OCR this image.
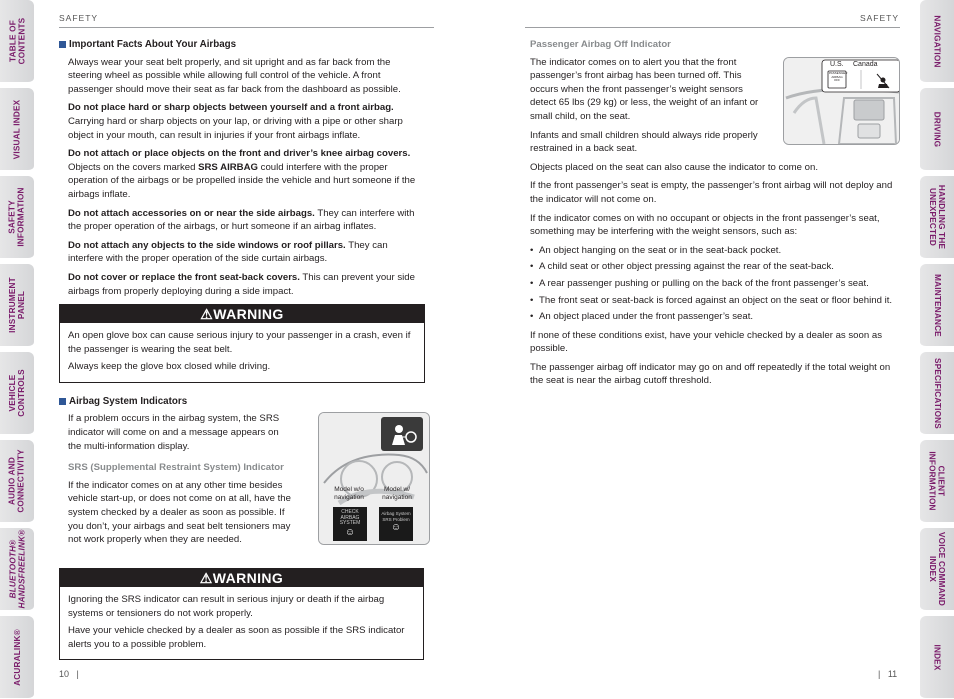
TABLE OF
CONTENTS
VISUAL INDEX
SAFETY
INFORMATION
INSTRUMENT
PANEL
VEHICLE
CONTROLS
AUDIO AND
CONNECTIVITY
BLUETOOTH®
HANDSFREELINK®
ACURALINK®
NAVIGATION
DRIVING
HANDLING THE
UNEXPECTED
MAINTENANCE
SPECIFICATIONS
CLIENT
INFORMATION
VOICE COMMAND
INDEX
INDEX
SAFETY	SAFETY
Important Facts About Your Airbags

Always wear your seat belt properly, and sit upright and as far back from the steering wheel as possible while allowing full control of the vehicle. A front passenger should move their seat as far back from the dashboard as possible.

Do not place hard or sharp objects between yourself and a front airbag. Carrying hard or sharp objects on your lap, or driving with a pipe or other sharp object in your mouth, can result in injuries if your front airbags inflate.

Do not attach or place objects on the front and driver’s knee airbag covers. Objects on the covers marked SRS AIRBAG could interfere with the proper operation of the airbags or be propelled inside the vehicle and hurt someone if the airbags inflate.

Do not attach accessories on or near the side airbags. They can interfere with the proper operation of the airbags, or hurt someone if an airbag inflates.

Do not attach any objects to the side windows or roof pillars. They can interfere with the proper operation of the side curtain airbags.

Do not cover or replace the front seat-back covers. This can prevent your side airbags from properly deploying during a side impact.

⚠WARNING

An open glove box can cause serious injury to your passenger in a crash, even if the passenger is wearing the seat belt.

Always keep the glove box closed while driving.

Airbag System Indicators

If a problem occurs in the airbag system, the SRS indicator will come on and a message appears on the multi-information display.

SRS (Supplemental Restraint System) Indicator

If the indicator comes on at any other time besides vehicle start-up, or does not come on at all, have the system checked by a dealer as soon as possible. If you don’t, your airbags and seat belt tensioners may not work properly when they are needed.

Model w/o
navigation
Model w/
navigation
CHECK
AIRBAG
SYSTEM
☺
Airbag System
SRS Problem
☺
⚠WARNING

Ignoring the SRS indicator can result in serious injury or death if the airbag systems or tensioners do not work properly.

Have your vehicle checked by a dealer as soon as possible if the SRS indicator alerts you to a possible problem.

10   |
Passenger Airbag Off Indicator

The indicator comes on to alert you that the front passenger’s front airbag has been turned off. This occurs when the front passenger’s weight sensors detect 65 lbs (29 kg) or less, the weight of an infant or small child, on the seat.

Infants and small children should always ride properly restrained in a back seat.

Objects placed on the seat can also cause the indicator to come on.

If the front passenger’s seat is empty, the passenger’s front airbag will not deploy and the indicator will not come on.

If the indicator comes on with no occupant or objects in the front passenger’s seat, something may be interfering with the weight sensors, such as:

• An object hanging on the seat or in the seat-back pocket.
• A child seat or other object pressing against the rear of the seat-back.
• A rear passenger pushing or pulling on the back of the front passenger’s seat.
• The front seat or seat-back is forced against an object on the seat or floor behind it.
• An object placed under the front passenger’s seat.

If none of these conditions exist, have your vehicle checked by a dealer as soon as possible.

The passenger airbag off indicator may go on and off repeatedly if the total weight on the seat is near the airbag cutoff threshold.

U.S. Canada
PASSENGER
AIRBAG
OFF
|   11
